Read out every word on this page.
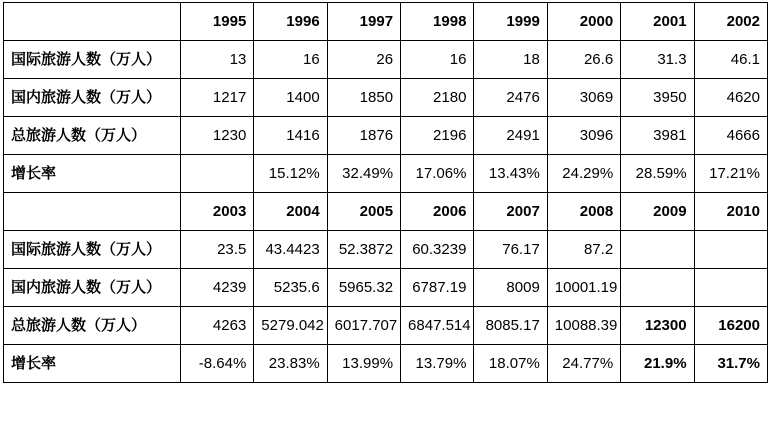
	1995	1996	1997	1998	1999	2000	2001	2002
国际旅游人数（万人）	13	16	26	16	18	26.6	31.3	46.1
国内旅游人数（万人）	1217	1400	1850	2180	2476	3069	3950	4620
总旅游人数（万人）	1230	1416	1876	2196	2491	3096	3981	4666
增长率		15.12%	32.49%	17.06%	13.43%	24.29%	28.59%	17.21%
	2003	2004	2005	2006	2007	2008	2009	2010
国际旅游人数（万人）	23.5	43.4423	52.3872	60.3239	76.17	87.2		
国内旅游人数（万人）	4239	5235.6	5965.32	6787.19	8009	10001.19		
总旅游人数（万人）	4263	5279.042	6017.707	6847.514	8085.17	10088.39	12300	16200
增长率	-8.64%	23.83%	13.99%	13.79%	18.07%	24.77%	21.9%	31.7%
